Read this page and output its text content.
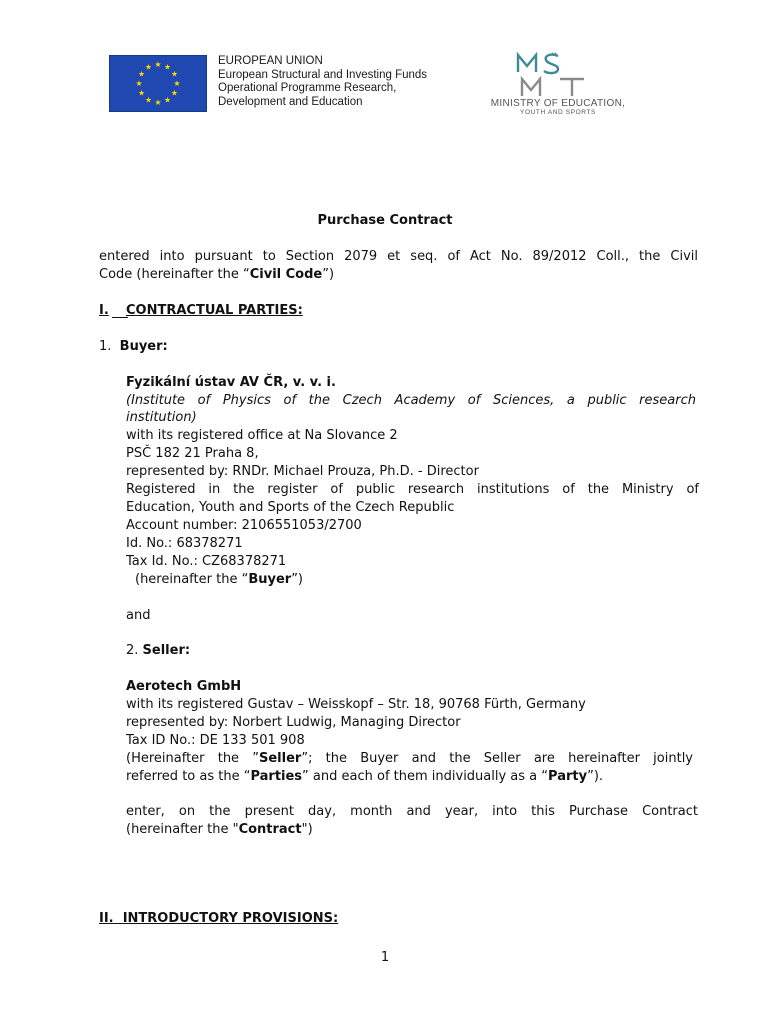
EUROPEAN UNION
European Structural and Investing Funds
Operational Programme Research,
Development and Education	MINISTRY OF EDUCATION,
YOUTH AND SPORTS
Purchase Contract
entered into pursuant to Section 2079 et seq. of Act No. 89/2012 Coll., the Civil
Code (hereinafter the “Civil Code”)
I. CONTRACTUAL PARTIES:
1. Buyer:
Fyzikální ústav AV ČR, v. v. i.
(Institute of Physics of the Czech Academy of Sciences, a public research
institution)
with its registered office at Na Slovance 2
PSČ 182 21 Praha 8,
represented by: RNDr. Michael Prouza, Ph.D. - Director
Registered in the register of public research institutions of the Ministry of
Education, Youth and Sports of the Czech Republic
Account number: 2106551053/2700
Id. No.: 68378271
Tax Id. No.: CZ68378271
(hereinafter the “Buyer”)
and
2. Seller:
Aerotech GmbH
with its registered Gustav – Weisskopf – Str. 18, 90768 Fürth, Germany
represented by: Norbert Ludwig, Managing Director
Tax ID No.: DE 133 501 908
(Hereinafter the ”Seller”; the Buyer and the Seller are hereinafter jointly
referred to as the “Parties” and each of them individually as a “Party”).
enter, on the present day, month and year, into this Purchase Contract
(hereinafter the "Contract")
II. INTRODUCTORY PROVISIONS:
1
